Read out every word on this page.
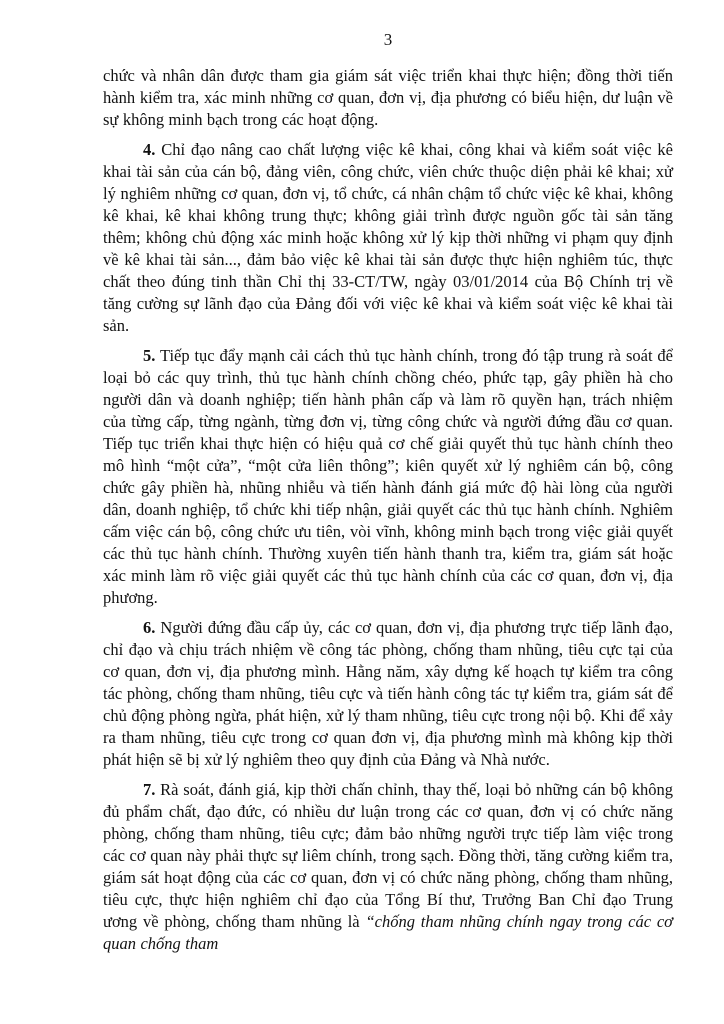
3

chức và nhân dân được tham gia giám sát việc triển khai thực hiện; đồng thời tiến hành kiểm tra, xác minh những cơ quan, đơn vị, địa phương có biểu hiện, dư luận về sự không minh bạch trong các hoạt động.

4. Chỉ đạo nâng cao chất lượng việc kê khai, công khai và kiểm soát việc kê khai tài sản của cán bộ, đảng viên, công chức, viên chức thuộc diện phải kê khai; xử lý nghiêm những cơ quan, đơn vị, tổ chức, cá nhân chậm tổ chức việc kê khai, không kê khai, kê khai không trung thực; không giải trình được nguồn gốc tài sản tăng thêm; không chủ động xác minh hoặc không xử lý kịp thời những vi phạm quy định về kê khai tài sản..., đảm bảo việc kê khai tài sản được thực hiện nghiêm túc, thực chất theo đúng tinh thần Chỉ thị 33-CT/TW, ngày 03/01/2014 của Bộ Chính trị về tăng cường sự lãnh đạo của Đảng đối với việc kê khai và kiểm soát việc kê khai tài sản.

5. Tiếp tục đẩy mạnh cải cách thủ tục hành chính, trong đó tập trung rà soát để loại bỏ các quy trình, thủ tục hành chính chồng chéo, phức tạp, gây phiền hà cho người dân và doanh nghiệp; tiến hành phân cấp và làm rõ quyền hạn, trách nhiệm của từng cấp, từng ngành, từng đơn vị, từng công chức và người đứng đầu cơ quan. Tiếp tục triển khai thực hiện có hiệu quả cơ chế giải quyết thủ tục hành chính theo mô hình “một cửa”, “một cửa liên thông”; kiên quyết xử lý nghiêm cán bộ, công chức gây phiền hà, nhũng nhiễu và tiến hành đánh giá mức độ hài lòng của người dân, doanh nghiệp, tổ chức khi tiếp nhận, giải quyết các thủ tục hành chính. Nghiêm cấm việc cán bộ, công chức ưu tiên, vòi vĩnh, không minh bạch trong việc giải quyết các thủ tục hành chính. Thường xuyên tiến hành thanh tra, kiểm tra, giám sát hoặc xác minh làm rõ việc giải quyết các thủ tục hành chính của các cơ quan, đơn vị, địa phương.

6. Người đứng đầu cấp ủy, các cơ quan, đơn vị, địa phương trực tiếp lãnh đạo, chỉ đạo và chịu trách nhiệm về công tác phòng, chống tham nhũng, tiêu cực tại của cơ quan, đơn vị, địa phương mình. Hằng năm, xây dựng kế hoạch tự kiểm tra công tác phòng, chống tham nhũng, tiêu cực và tiến hành công tác tự kiểm tra, giám sát để chủ động phòng ngừa, phát hiện, xử lý tham nhũng, tiêu cực trong nội bộ. Khi để xảy ra tham nhũng, tiêu cực trong cơ quan đơn vị, địa phương mình mà không kịp thời phát hiện sẽ bị xử lý nghiêm theo quy định của Đảng và Nhà nước.

7. Rà soát, đánh giá, kịp thời chấn chỉnh, thay thế, loại bỏ những cán bộ không đủ phẩm chất, đạo đức, có nhiều dư luận trong các cơ quan, đơn vị có chức năng phòng, chống tham nhũng, tiêu cực; đảm bảo những người trực tiếp làm việc trong các cơ quan này phải thực sự liêm chính, trong sạch. Đồng thời, tăng cường kiểm tra, giám sát hoạt động của các cơ quan, đơn vị có chức năng phòng, chống tham nhũng, tiêu cực, thực hiện nghiêm chỉ đạo của Tổng Bí thư, Trưởng Ban Chỉ đạo Trung ương về phòng, chống tham nhũng là “chống tham nhũng chính ngay trong các cơ quan chống tham
